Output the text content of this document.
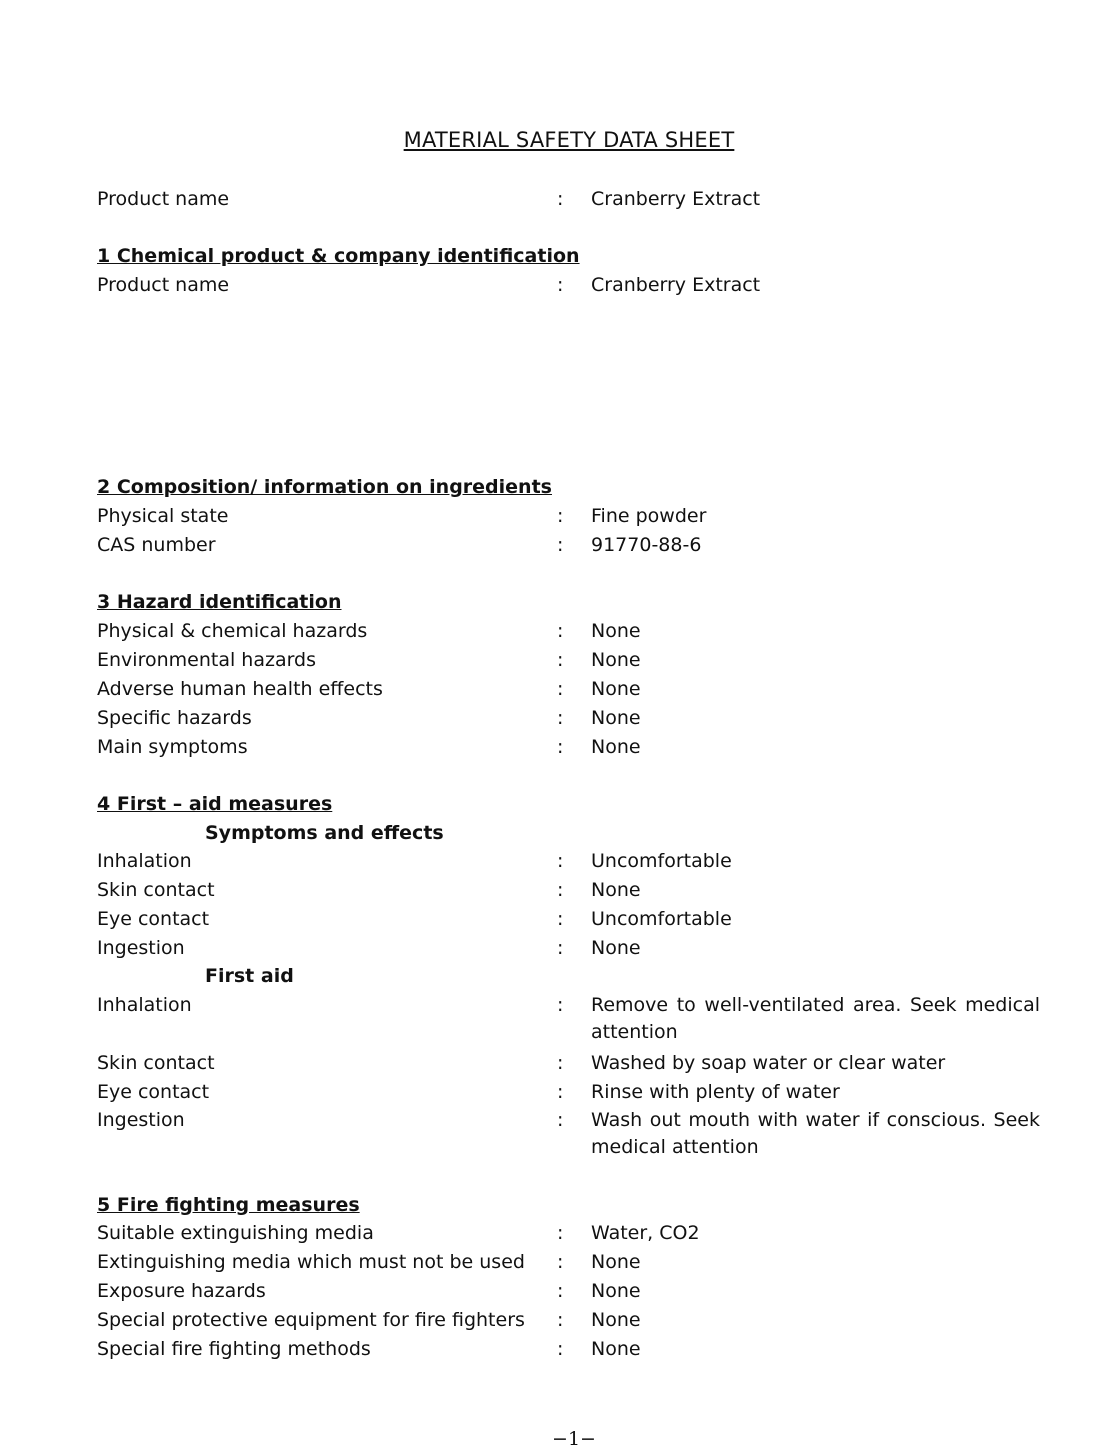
MATERIAL SAFETY DATA SHEET
Product name	: Cranberry Extract
1 Chemical product & company identification
Product name	: Cranberry Extract
2 Composition/ information on ingredients
Physical state	: Fine powder
CAS number	: 91770-88-6
3 Hazard identification
Physical & chemical hazards	: None
Environmental hazards	: None
Adverse human health effects	: None
Specific hazards	: None
Main symptoms	: None
4 First – aid measures
Symptoms and effects
Inhalation	: Uncomfortable
Skin contact	: None
Eye contact	: Uncomfortable
Ingestion	: None
First aid
Inhalation	: Remove to well-ventilated area. Seek medical attention
Skin contact	: Washed by soap water or clear water
Eye contact	: Rinse with plenty of water
Ingestion	: Wash out mouth with water if conscious. Seek medical attention
5 Fire fighting measures
Suitable extinguishing media	: Water, CO2
Extinguishing media which must not be used : None
Exposure hazards	: None
Special protective equipment for fire fighters : None
Special fire fighting methods	: None
−1−
